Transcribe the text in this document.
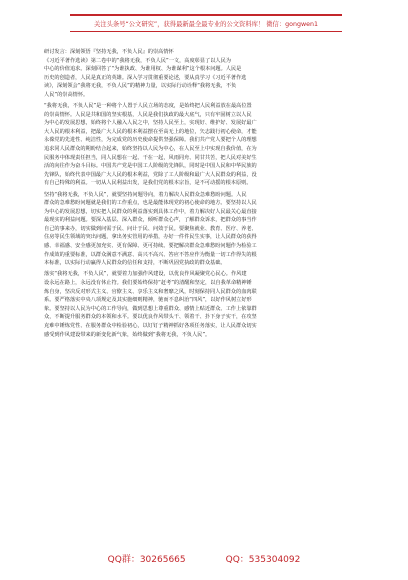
关注头条号“公文研究”，获得最新最全最专业的公文资料库！ 微信：gongwen1
研讨发言：深刻领悟『坚持无我，不负人民』的崇高情怀
《习近平著作选读》第二卷中的“我将无我，不负人民”一文，高度彰显了以人民为
中心的价值追求。深刻回答了“为谁执政、为谁用权、为谁谋利”这个根本问题。人民是
历史的创造者，人民是真正的英雄。深入学习贯彻重要论述，要从真学习《习近平著作选
读》，深刻领会“我将无我，不负人民”的精神力量，以实际行动诠释“我将无我，不负
人民”的崇高情怀。
“我将无我，不负人民”是一种将个人置于人民立场的态度，是始终把人民利益放在最高位置
的崇高情怀。人民是共和国的坚实根基，人民是我们执政的最大底气，只有牢固树立以人民
为中心的发展思想，始终将个人融入人民之中，坚持人民至上，实现好、维护好、发展好最广
大人民的根本利益，把最广大人民的根本利益摆在至高无上的地位，矢志践行初心使命，才能
永葆党的先进性、纯洁性，为完成党的历史使命提供坚强保障。我们共产党人要把个人的理想
追求同人民群众的期盼结合起来，始终坚持以人民为中心，在人民至上中实现自我价值，在为
民服务中体现责任担当，同人民想在一起、干在一起，风雨同舟、同甘共苦，把人民对美好生
活的向往作为奋斗目标。中国共产党是中国工人阶级的先锋队，同时是中国人民和中华民族的
先锋队，始终代表中国最广大人民的根本利益，党除了工人阶级和最广大人民群众的利益，没
有自己特殊的利益。一切从人民利益出发，是我们党的根本宗旨，是不可动摇的根本原则。
坚持“我将无我，不负人民”，就要坚持问题导向，着力解决人民群众急难愁盼问题。人民
群众的急难愁盼问题就是我们的工作重点，也是最能体现党的初心使命的地方。要坚持以人民
为中心的发展思想，切实把人民群众的利益落实到具体工作中，着力解决好人民最关心最直接
最现实的利益问题。要深入基层、深入群众，倾听群众心声，了解群众诉求，把群众的事当作
自己的事来办，切实做到问需于民、问计于民、问效于民。要聚焦就业、教育、医疗、养老、
住房等民生领域的突出问题，拿出务实管用的举措，办好一件件民生实事，让人民群众的获得
感、幸福感、安全感更加充实、更有保障、更可持续。要把解决群众急难愁盼问题作为检验工
作成效的重要标准，以群众满意不满意、高兴不高兴、答应不答应作为衡量一切工作得失的根
本标准，以实际行动赢得人民群众的信任和支持，不断巩固党执政的群众基础。
落实“我将无我，不负人民”，就要着力加强作风建设，以优良作风凝聚党心民心。作风建
设永远在路上，永远没有休止符。我们要始终保持“赶考”的清醒和坚定，以自我革命精神锤
炼自身，坚决反对形式主义、官僚主义、享乐主义和奢靡之风，时刻保持同人民群众的血肉联
系。要严格落实中央八项规定及其实施细则精神，驰而不息纠治“四风”，以好作风树立好形
象。要坚持以人民为中心的工作导向，做到思想上尊重群众、感情上贴近群众、工作上依靠群
众，不断提升服务群众的本领和水平。要以优良作风带头干、领着干、扑下身子实干，在攻坚
克难中锤炼党性、在服务群众中检验初心，以钉钉子精神抓好各项任务落实，让人民群众切实
感受到作风建设带来的新变化新气象，始终做到“我将无我，不负人民”。
QQ群：30265665	QQ：535304092
